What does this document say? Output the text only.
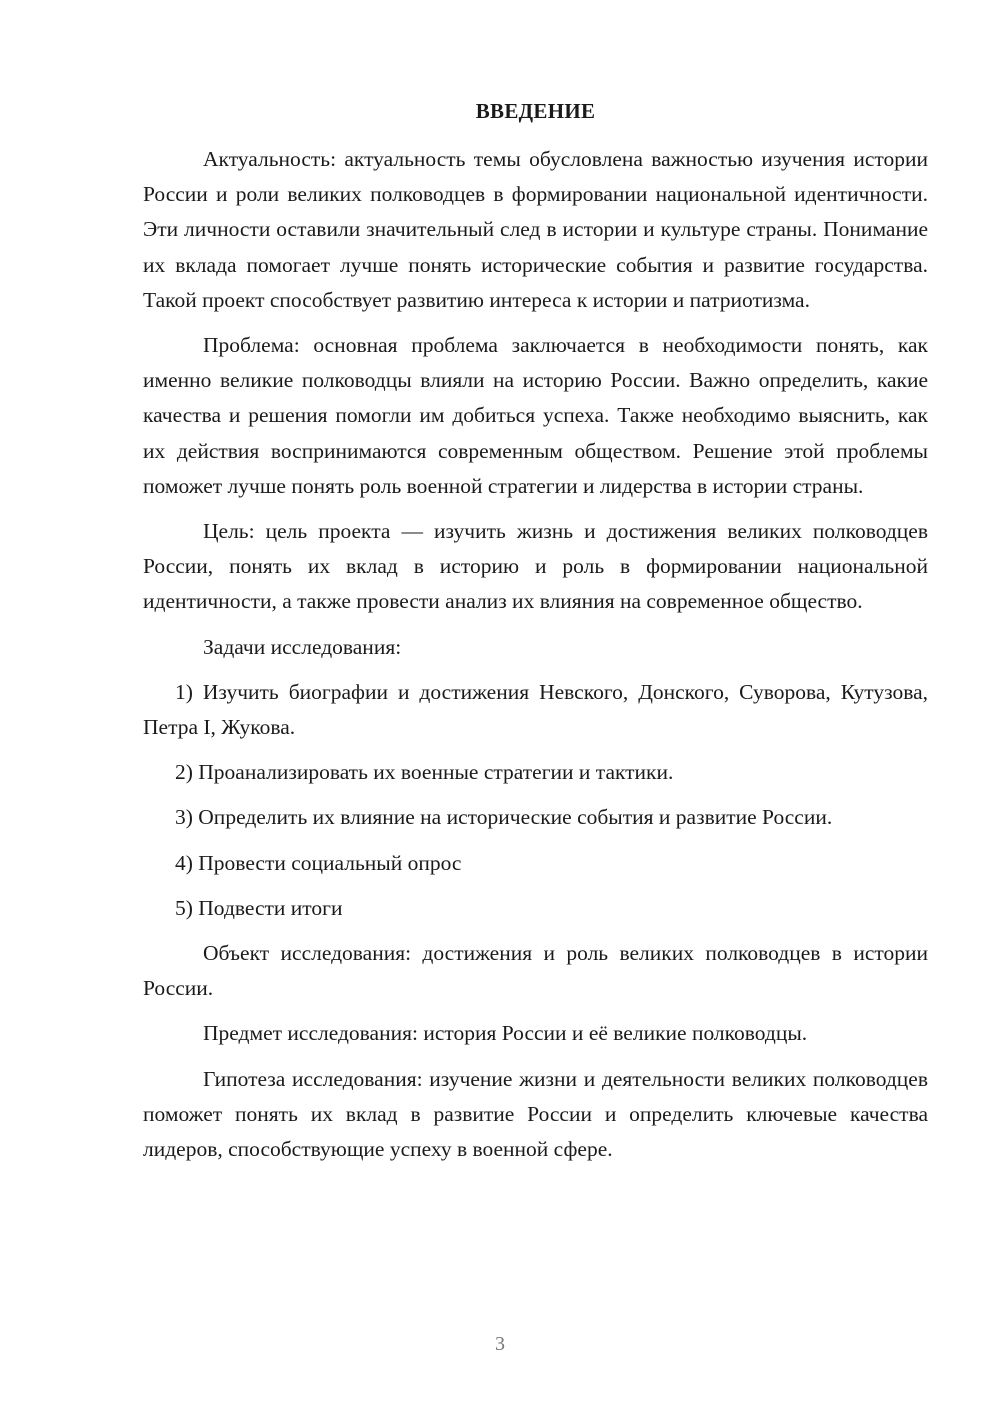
ВВЕДЕНИЕ

Актуальность: актуальность темы обусловлена важностью изучения истории России и роли великих полководцев в формировании национальной идентичности. Эти личности оставили значительный след в истории и культуре страны. Понимание их вклада помогает лучше понять исторические события и развитие государства. Такой проект способствует развитию интереса к истории и патриотизма.

Проблема: основная проблема заключается в необходимости понять, как именно великие полководцы влияли на историю России. Важно определить, какие качества и решения помогли им добиться успеха. Также необходимо выяснить, как их действия воспринимаются современным обществом. Решение этой проблемы поможет лучше понять роль военной стратегии и лидерства в истории страны.

Цель: цель проекта — изучить жизнь и достижения великих полководцев России, понять их вклад в историю и роль в формировании национальной идентичности, а также провести анализ их влияния на современное общество.

Задачи исследования:

1) Изучить биографии и достижения Невского, Донского, Суворова, Кутузова, Петра I, Жукова.

2) Проанализировать их военные стратегии и тактики.

3) Определить их влияние на исторические события и развитие России.

4) Провести социальный опрос

5) Подвести итоги

Объект исследования: достижения и роль великих полководцев в истории России.

Предмет исследования: история России и её великие полководцы.

Гипотеза исследования: изучение жизни и деятельности великих полководцев поможет понять их вклад в развитие России и определить ключевые качества лидеров, способствующие успеху в военной сфере.

3
